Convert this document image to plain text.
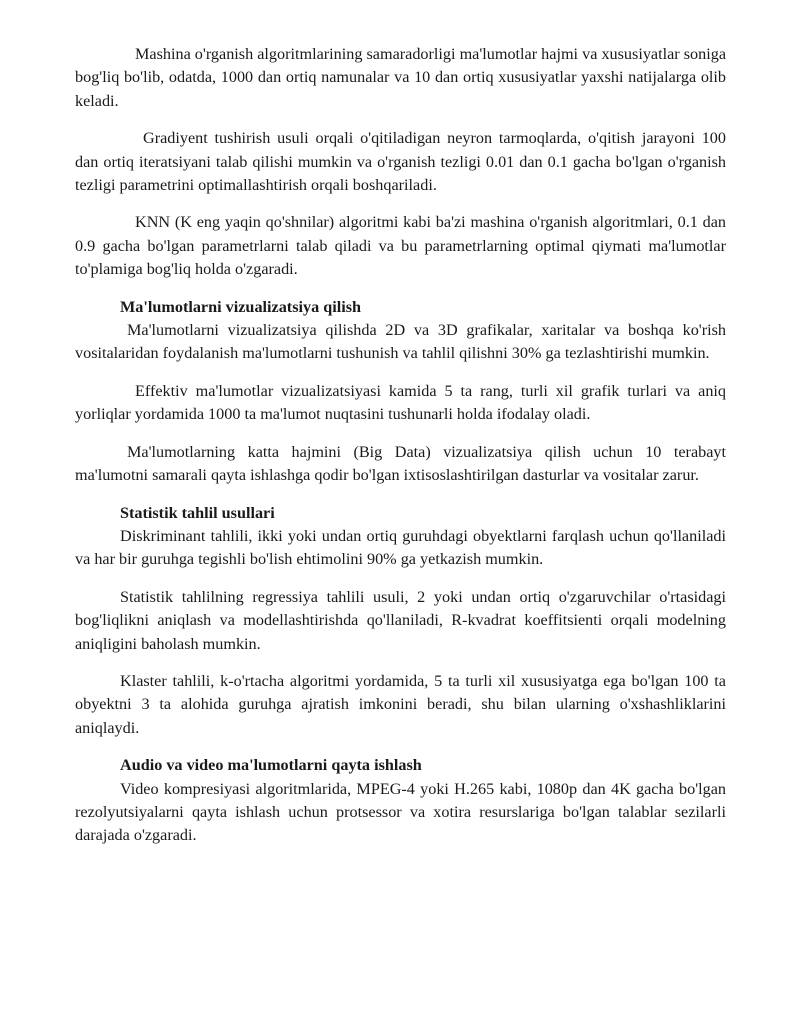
Mashina o'rganish algoritmlarining samaradorligi ma'lumotlar hajmi va xususiyatlar soniga bog'liq bo'lib, odatda, 1000 dan ortiq namunalar va 10 dan ortiq xususiyatlar yaxshi natijalarga olib keladi.

Gradiyent tushirish usuli orqali o'qitiladigan neyron tarmoqlarda, o'qitish jarayoni 100 dan ortiq iteratsiyani talab qilishi mumkin va o'rganish tezligi 0.01 dan 0.1 gacha bo'lgan o'rganish tezligi parametrini optimallashtirish orqali boshqariladi.

KNN (K eng yaqin qo'shnilar) algoritmi kabi ba'zi mashina o'rganish algoritmlari, 0.1 dan 0.9 gacha bo'lgan parametrlarni talab qiladi va bu parametrlarning optimal qiymati ma'lumotlar to'plamiga bog'liq holda o'zgaradi.

Ma'lumotlarni vizualizatsiya qilish

Ma'lumotlarni vizualizatsiya qilishda 2D va 3D grafikalar, xaritalar va boshqa ko'rish vositalaridan foydalanish ma'lumotlarni tushunish va tahlil qilishni 30% ga tezlashtirishi mumkin.

Effektiv ma'lumotlar vizualizatsiyasi kamida 5 ta rang, turli xil grafik turlari va aniq yorliqlar yordamida 1000 ta ma'lumot nuqtasini tushunarli holda ifodalay oladi.

Ma'lumotlarning katta hajmini (Big Data) vizualizatsiya qilish uchun 10 terabayt ma'lumotni samarali qayta ishlashga qodir bo'lgan ixtisoslashtirilgan dasturlar va vositalar zarur.

Statistik tahlil usullari

Diskriminant tahlili, ikki yoki undan ortiq guruhdagi obyektlarni farqlash uchun qo'llaniladi va har bir guruhga tegishli bo'lish ehtimolini 90% ga yetkazish mumkin.

Statistik tahlilning regressiya tahlili usuli, 2 yoki undan ortiq o'zgaruvchilar o'rtasidagi bog'liqlikni aniqlash va modellashtirishda qo'llaniladi, R-kvadrat koeffitsienti orqali modelning aniqligini baholash mumkin.

Klaster tahlili, k-o'rtacha algoritmi yordamida, 5 ta turli xil xususiyatga ega bo'lgan 100 ta obyektni 3 ta alohida guruhga ajratish imkonini beradi, shu bilan ularning o'xshashliklarini aniqlaydi.

Audio va video ma'lumotlarni qayta ishlash

Video kompresiyasi algoritmlarida, MPEG-4 yoki H.265 kabi, 1080p dan 4K gacha bo'lgan rezolyutsiyalarni qayta ishlash uchun protsessor va xotira resurslariga bo'lgan talablar sezilarli darajada o'zgaradi.
